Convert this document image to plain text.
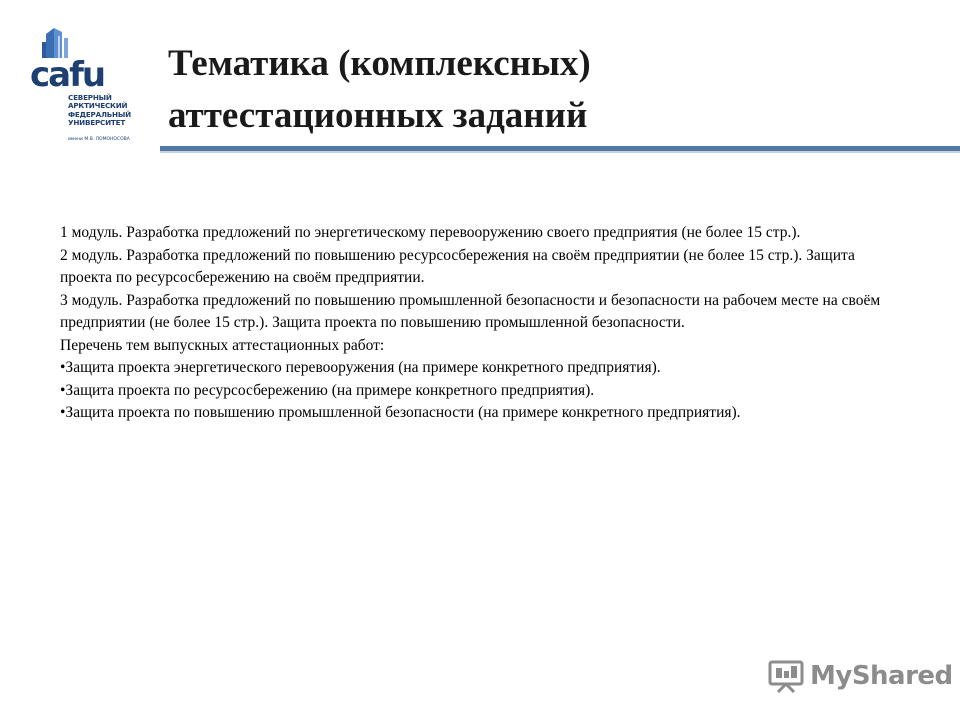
cafu
СЕВЕРНЫЙ
АРКТИЧЕСКИЙ
ФЕДЕРАЛЬНЫЙ
УНИВЕРСИТЕТ
имени М.В. ЛОМОНОСОВА
Тематика (комплексных)
аттестационных заданий

1 модуль. Разработка предложений по энергетическому перевооружению своего предприятия (не более 15 стр.).

2 модуль. Разработка предложений по повышению ресурсосбережения на своём предприятии (не более 15 стр.). Защита проекта по ресурсосбережению на своём предприятии.

3 модуль. Разработка предложений по повышению промышленной безопасности и безопасности на рабочем месте на своём предприятии (не более 15 стр.). Защита проекта по повышению промышленной безопасности.

Перечень тем выпускных аттестационных работ:

•Защита проекта энергетического перевооружения (на примере конкретного предприятия).

•Защита проекта по ресурсосбережению (на примере конкретного предприятия).

•Защита проекта по повышению промышленной безопасности (на примере конкретного предприятия).

MyShared
